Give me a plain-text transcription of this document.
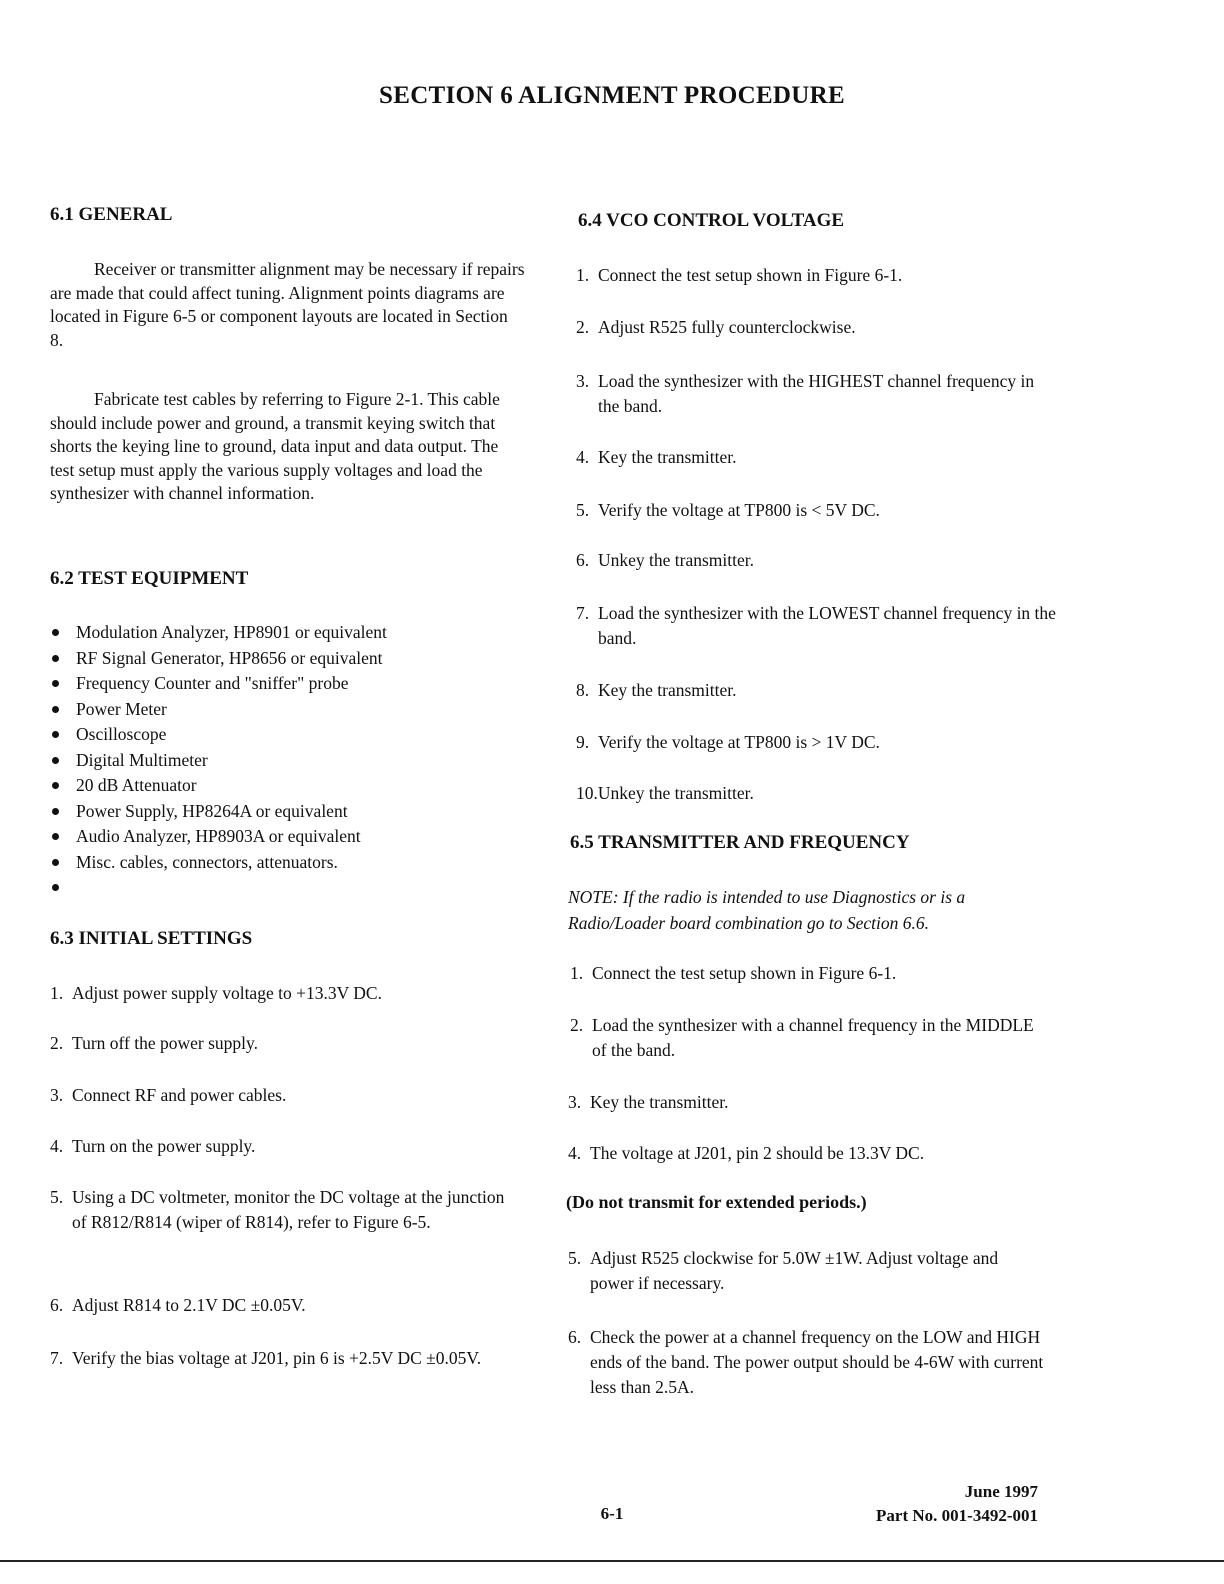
SECTION 6 ALIGNMENT PROCEDURE
6.1 GENERAL
Receiver or transmitter alignment may be necessary if repairs are made that could affect tuning. Alignment points diagrams are located in Figure 6-5 or component layouts are located in Section 8.
Fabricate test cables by referring to Figure 2-1. This cable should include power and ground, a transmit keying switch that shorts the keying line to ground, data input and data output. The test setup must apply the various supply voltages and load the synthesizer with channel information.
6.2 TEST EQUIPMENT
Modulation Analyzer, HP8901 or equivalent
RF Signal Generator, HP8656 or equivalent
Frequency Counter and "sniffer" probe
Power Meter
Oscilloscope
Digital Multimeter
20 dB Attenuator
Power Supply, HP8264A or equivalent
Audio Analyzer, HP8903A or equivalent
Misc. cables, connectors, attenuators.
6.3 INITIAL SETTINGS
1. Adjust power supply voltage to +13.3V DC.
2. Turn off the power supply.
3. Connect RF and power cables.
4. Turn on the power supply.
5. Using a DC voltmeter, monitor the DC voltage at the junction of R812/R814 (wiper of R814), refer to Figure 6-5.
6. Adjust R814 to 2.1V DC ±0.05V.
7. Verify the bias voltage at J201, pin 6 is +2.5V DC ±0.05V.
6.4 VCO CONTROL VOLTAGE
1. Connect the test setup shown in Figure 6-1.
2. Adjust R525 fully counterclockwise.
3. Load the synthesizer with the HIGHEST channel frequency in the band.
4. Key the transmitter.
5. Verify the voltage at TP800 is < 5V DC.
6. Unkey the transmitter.
7. Load the synthesizer with the LOWEST channel frequency in the band.
8. Key the transmitter.
9. Verify the voltage at TP800 is > 1V DC.
10.Unkey the transmitter.
6.5 TRANSMITTER AND FREQUENCY
NOTE: If the radio is intended to use Diagnostics or is a Radio/Loader board combination go to Section 6.6.
1. Connect the test setup shown in Figure 6-1.
2. Load the synthesizer with a channel frequency in the MIDDLE of the band.
3. Key the transmitter.
4. The voltage at J201, pin 2 should be 13.3V DC.
(Do not transmit for extended periods.)
5. Adjust R525 clockwise for 5.0W ±1W. Adjust voltage and power if necessary.
6. Check the power at a channel frequency on the LOW and HIGH ends of the band. The power output should be 4-6W with current less than 2.5A.
6-1
June 1997
Part No. 001-3492-001
